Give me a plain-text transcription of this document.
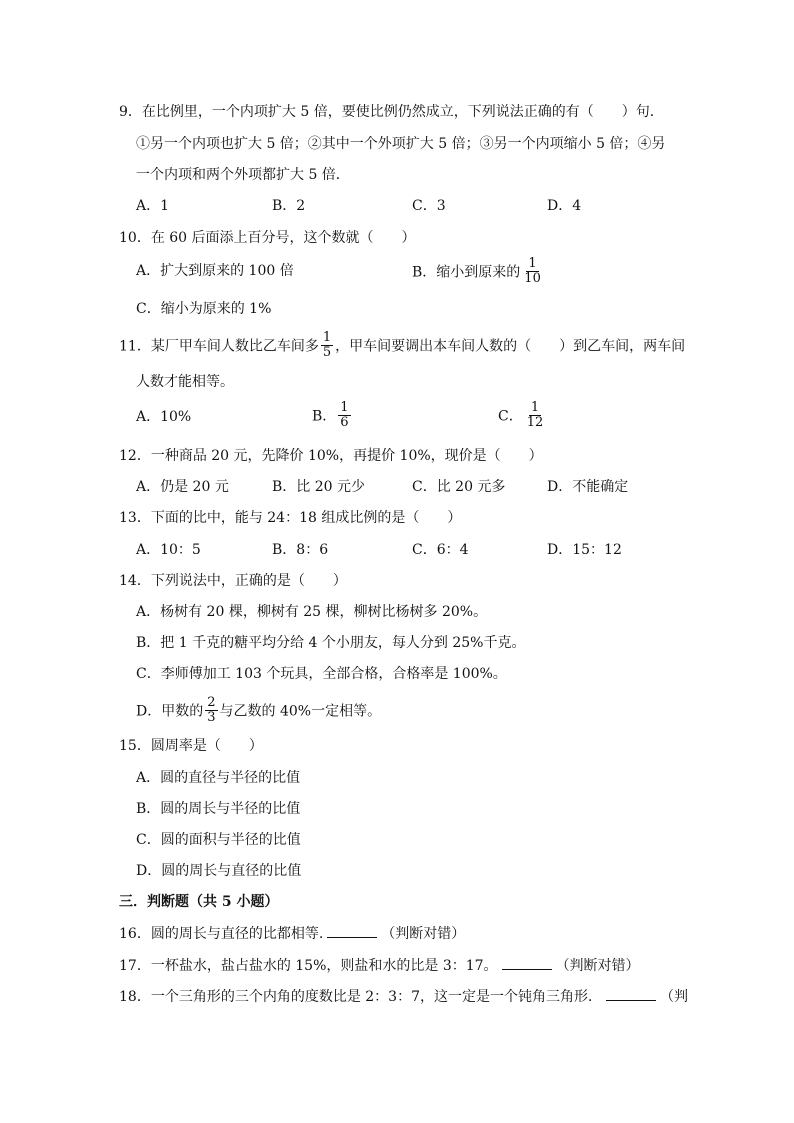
9．在比例里，一个内项扩大 5 倍，要使比例仍然成立，下列说法正确的有（　　）句．
①另一个内项也扩大 5 倍；②其中一个外项扩大 5 倍；③另一个内项缩小 5 倍；④另
一个内项和两个外项都扩大 5 倍．
A．1	B．2	C．3	D．4
10．在 60 后面添上百分号，这个数就（　　）
A．扩大到原来的 100 倍	B．缩小到原来的 $\frac{1}{10}$
C．缩小为原来的 1%
11．某厂甲车间人数比乙车间多 $\frac{1}{5}$ ，甲车间要调出本车间人数的（　　）到乙车间，两车间
人数才能相等。
A．10%	B． $\frac{1}{6}$	C． $\frac{1}{12}$
12．一种商品 20 元，先降价 10%，再提价 10%，现价是（　　）
A．仍是 20 元	B．比 20 元少	C．比 20 元多	D．不能确定
13．下面的比中，能与 24：18 组成比例的是（　　）
A．10：5	B．8：6	C．6：4	D．15：12
14．下列说法中，正确的是（　　）
A．杨树有 20 棵，柳树有 25 棵，柳树比杨树多 20%。
B．把 1 千克的糖平均分给 4 个小朋友，每人分到 25%千克。
C．李师傅加工 103 个玩具，全部合格，合格率是 100%。
D．甲数的 $\frac{2}{3}$ 与乙数的 40%一定相等。
15．圆周率是（　　）
A．圆的直径与半径的比值
B．圆的周长与半径的比值
C．圆的面积与半径的比值
D．圆的周长与直径的比值
三．判断题（共 5 小题）
16．圆的周长与直径的比都相等.	（判断对错）
17．一杯盐水，盐占盐水的 15%，则盐和水的比是 3：17。	（判断对错）
18．一个三角形的三个内角的度数比是 2：3：7，这一定是一个钝角三角形．	（判
